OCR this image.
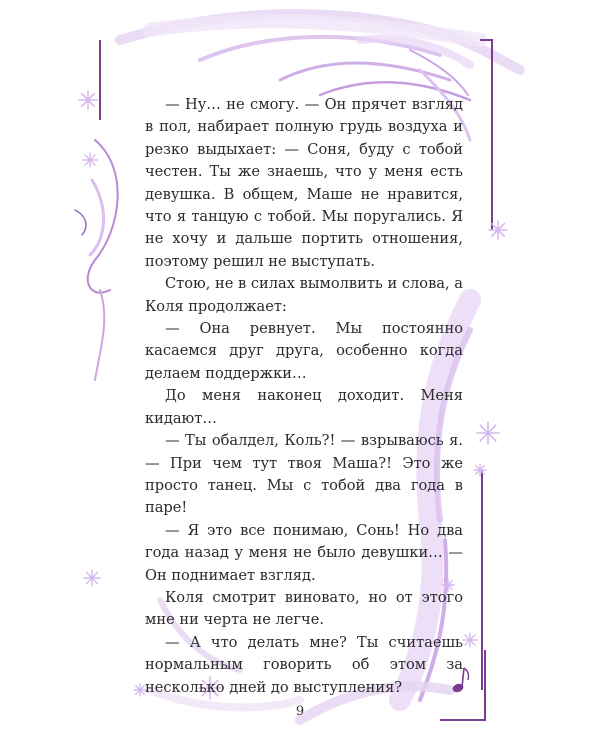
— Ну… не смогу. — Он прячет взгляд в пол, набирает полную грудь воздуха и резко выдыхает: — Соня, буду с тобой честен. Ты же знаешь, что у меня есть девушка. В общем, Маше не нравится, что я танцую с тобой. Мы поругались. Я не хочу и дальше портить отношения, поэтому решил не выступать.

Стою, не в силах вымолвить и слова, а Коля продолжает:

— Она ревнует. Мы постоянно касаемся друг друга, особенно когда делаем поддержки…

До меня наконец доходит. Меня кидают…

— Ты обалдел, Коль?! — взрываюсь я. — При чем тут твоя Маша?! Это же просто танец. Мы с тобой два года в паре!

— Я это все понимаю, Сонь! Но два года назад у меня не было девушки… — Он поднимает взгляд.

Коля смотрит виновато, но от этого мне ни черта не легче.

— А что делать мне? Ты считаешь нормальным говорить об этом за несколько дней до выступления?

9
